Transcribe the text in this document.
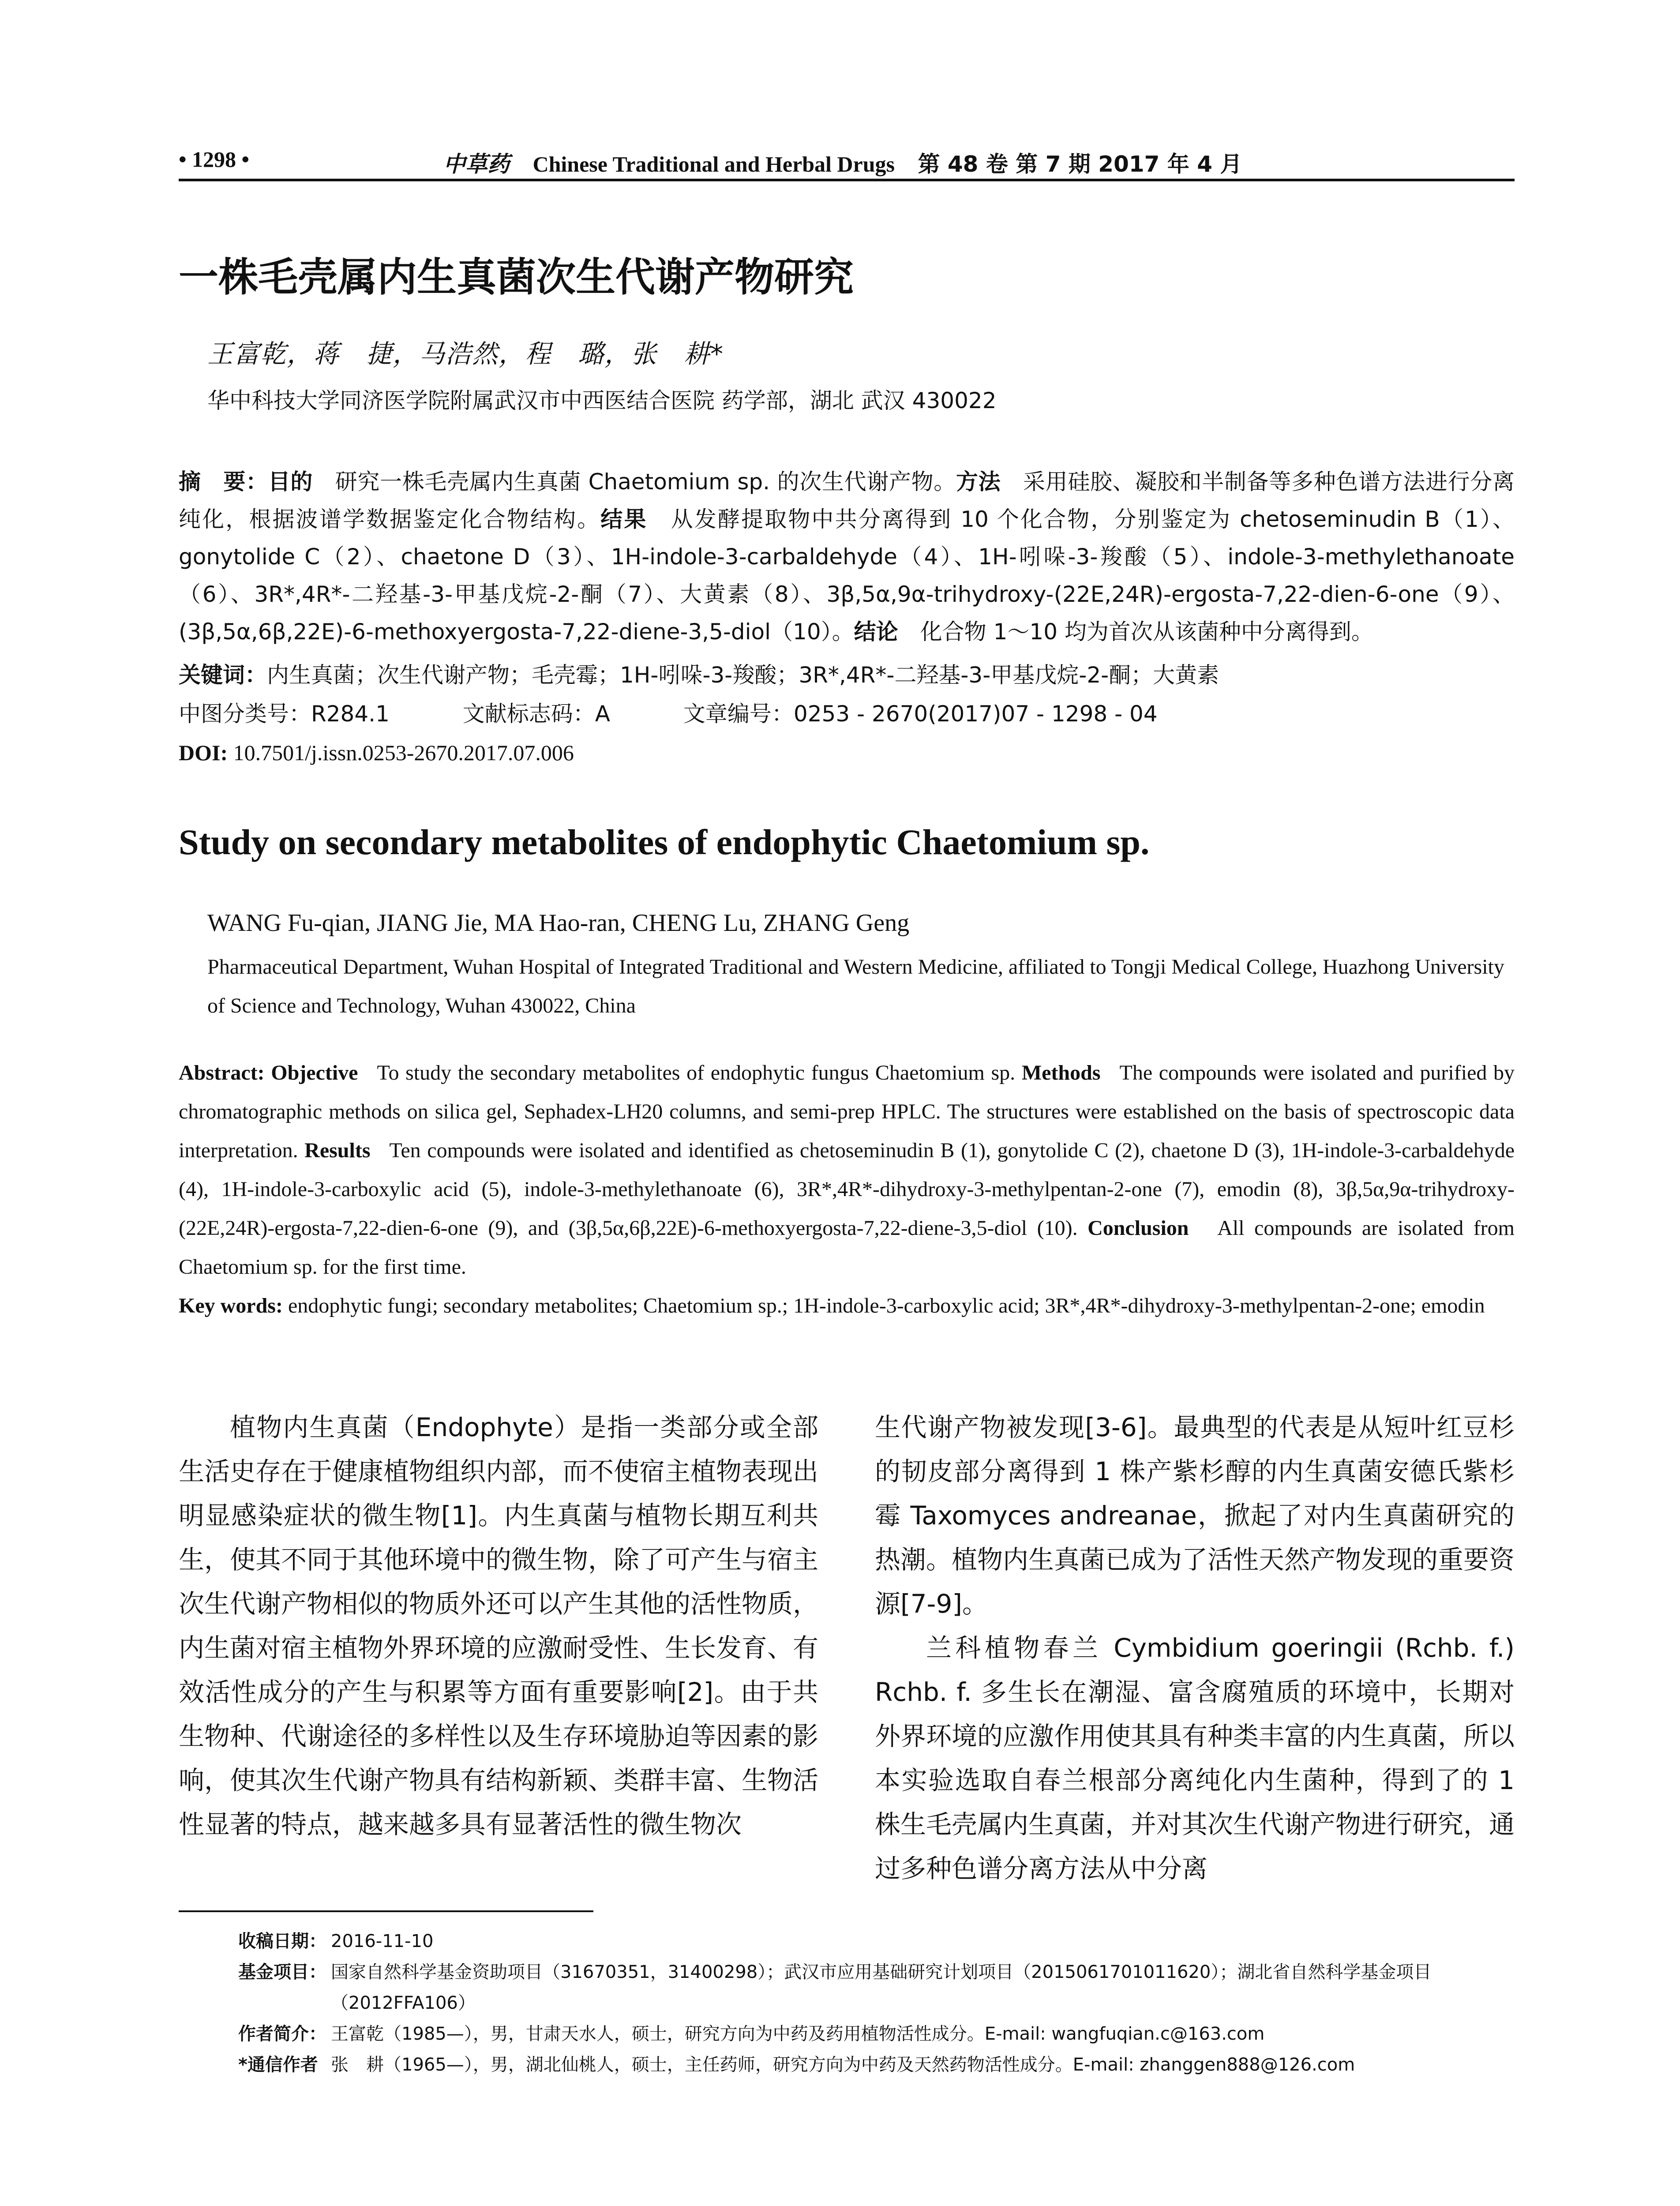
• 1298 •	中草药 Chinese Traditional and Herbal Drugs 第 48 卷 第 7 期 2017 年 4 月
一株毛壳属内生真菌次生代谢产物研究
王富乾，蒋　捷，马浩然，程　璐，张　耕*
华中科技大学同济医学院附属武汉市中西医结合医院 药学部，湖北 武汉 430022
摘　要：目的　 研究一株毛壳属内生真菌 Chaetomium sp. 的次生代谢产物。方法　 采用硅胶、凝胶和半制备等多种色谱方法进行分离纯化，根据波谱学数据鉴定化合物结构。结果　 从发酵提取物中共分离得到 10 个化合物，分别鉴定为 chetoseminudin B（1）、gonytolide C（2）、chaetone D（3）、1H-indole-3-carbaldehyde（4）、1H-吲哚-3-羧酸（5）、indole-3-methylethanoate（6）、3R*,4R*-二羟基-3-甲基戊烷-2-酮（7）、大黄素（8）、3β,5α,9α-trihydroxy-(22E,24R)-ergosta-7,22-dien-6-one（9）、(3β,5α,6β,22E)-6-methoxyergosta-7,22-diene-3,5-diol（10）。结论　 化合物 1～10 均为首次从该菌种中分离得到。
关键词：内生真菌；次生代谢产物；毛壳霉；1H-吲哚-3-羧酸；3R*,4R*-二羟基-3-甲基戊烷-2-酮；大黄素
中图分类号：R284.1	文献标志码：A	文章编号：0253 - 2670(2017)07 - 1298 - 04
DOI: 10.7501/j.issn.0253-2670.2017.07.006
Study on secondary metabolites of endophytic Chaetomium sp.
WANG Fu-qian, JIANG Jie, MA Hao-ran, CHENG Lu, ZHANG Geng
Pharmaceutical Department, Wuhan Hospital of Integrated Traditional and Western Medicine, affiliated to Tongji Medical College, Huazhong University of Science and Technology, Wuhan 430022, China
Abstract: Objective To study the secondary metabolites of endophytic fungus Chaetomium sp. Methods The compounds were isolated and purified by chromatographic methods on silica gel, Sephadex-LH20 columns, and semi-prep HPLC. The structures were established on the basis of spectroscopic data interpretation. Results Ten compounds were isolated and identified as chetoseminudin B (1), gonytolide C (2), chaetone D (3), 1H-indole-3-carbaldehyde (4), 1H-indole-3-carboxylic acid (5), indole-3-methylethanoate (6), 3R*,4R*-dihydroxy-3-methylpentan-2-one (7), emodin (8), 3β,5α,9α-trihydroxy-(22E,24R)-ergosta-7,22-dien-6-one (9), and (3β,5α,6β,22E)-6-methoxyergosta-7,22-diene-3,5-diol (10). Conclusion All compounds are isolated from Chaetomium sp. for the first time.
Key words: endophytic fungi; secondary metabolites; Chaetomium sp.; 1H-indole-3-carboxylic acid; 3R*,4R*-dihydroxy-3-methylpentan-2-one; emodin

植物内生真菌（Endophyte）是指一类部分或全部生活史存在于健康植物组织内部，而不使宿主植物表现出明显感染症状的微生物[1]。内生真菌与植物长期互利共生，使其不同于其他环境中的微生物，除了可产生与宿主次生代谢产物相似的物质外还可以产生其他的活性物质，内生菌对宿主植物外界环境的应激耐受性、生长发育、有效活性成分的产生与积累等方面有重要影响[2]。由于共生物种、代谢途径的多样性以及生存环境胁迫等因素的影响，使其次生代谢产物具有结构新颖、类群丰富、生物活性显著的特点，越来越多具有显著活性的微生物次

生代谢产物被发现[3-6]。最典型的代表是从短叶红豆杉的韧皮部分离得到 1 株产紫杉醇的内生真菌安德氏紫杉霉 Taxomyces andreanae，掀起了对内生真菌研究的热潮。植物内生真菌已成为了活性天然产物发现的重要资源[7-9]。

兰科植物春兰 Cymbidium goeringii (Rchb. f.) Rchb. f. 多生长在潮湿、富含腐殖质的环境中，长期对外界环境的应激作用使其具有种类丰富的内生真菌，所以本实验选取自春兰根部分离纯化内生菌种，得到了的 1 株生毛壳属内生真菌，并对其次生代谢产物进行研究，通过多种色谱分离方法从中分离

收稿日期： 2016-11-10
基金项目： 国家自然科学基金资助项目（31670351，31400298）；武汉市应用基础研究计划项目（2015061701011620）；湖北省自然科学基金项目（2012FFA106）
作者简介： 王富乾（1985—），男，甘肃天水人，硕士，研究方向为中药及药用植物活性成分。E-mail: wangfuqian.c@163.com
*通信作者 张　耕（1965—），男，湖北仙桃人，硕士，主任药师，研究方向为中药及天然药物活性成分。E-mail: zhanggen888@126.com
